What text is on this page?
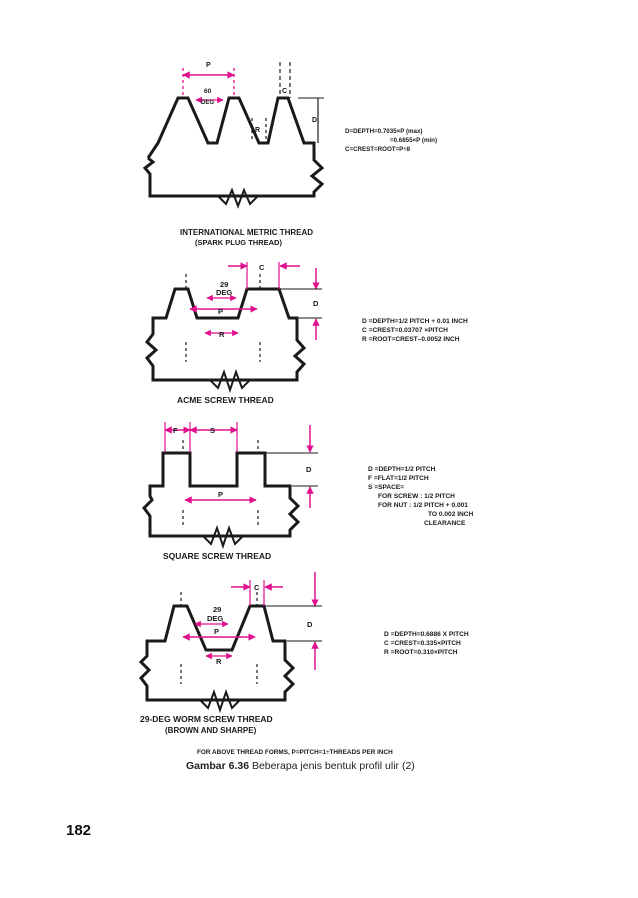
P
60
DEG
C
D
R	D=DEPTH=0.7035×P (max)
=0.6855×P (min)
C=CREST=ROOT=P÷8
INTERNATIONAL METRIC THREAD
(SPARK PLUG THREAD)
C
29
DEG
P
R
D
D =DEPTH=1/2 PITCH + 0.01 INCH
C =CREST=0.03707 ×PITCH
R =ROOT=CREST–0.0052 INCH
ACME SCREW THREAD
F	S
D
P
D =DEPTH=1/2 PITCH
F =FLAT=1/2 PITCH
S =SPACE=
FOR SCREW : 1/2 PITCH
FOR NUT : 1/2 PITCH + 0.001
TO 0.002 INCH
CLEARANCE
SQUARE SCREW THREAD
C
29
DEG
P
R
D
D =DEPTH=0.6886 X PITCH
C =CREST=0.335×PITCH
R =ROOT=0.310×PITCH
29-DEG WORM SCREW THREAD
(BROWN AND SHARPE)
FOR ABOVE THREAD FORMS, P=PITCH=1÷THREADS PER INCH
Gambar 6.36 Beberapa jenis bentuk profil ulir (2)
182
